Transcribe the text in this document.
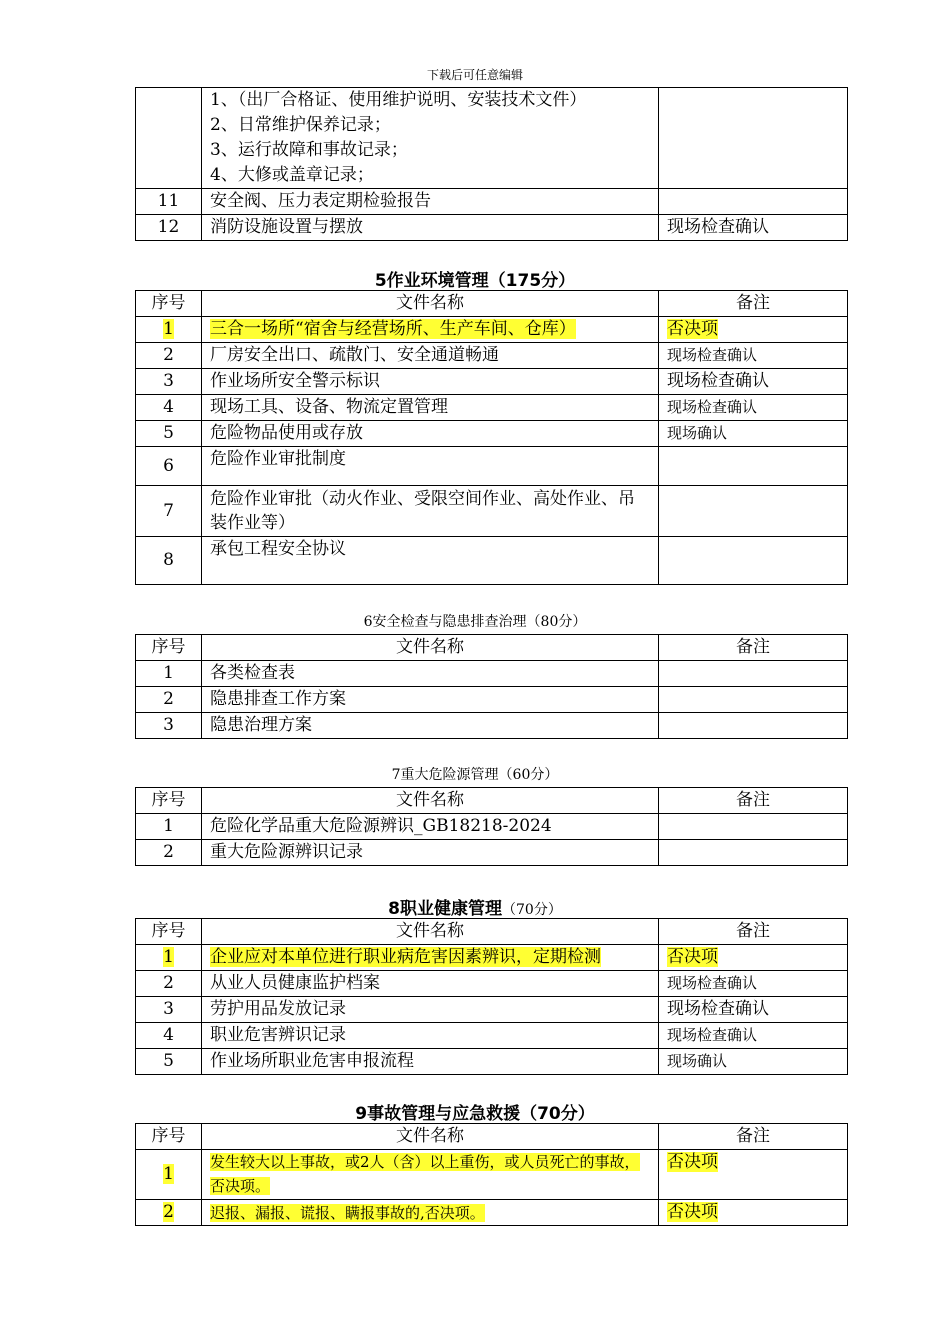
下载后可任意编辑

	1、（出厂合格证、使用维护说明、安装技术文件）
2、日常维护保养记录；
3、运行故障和事故记录；
4、大修或盖章记录；	

11	安全阀、压力表定期检验报告	
12	消防设施设置与摆放	现场检查确认
5作业环境管理（175分）
序号	文件名称	备注
1	三合一场所“宿舍与经营场所、生产车间、仓库）	否决项
2	厂房安全出口、疏散门、安全通道畅通	现场检查确认
3	作业场所安全警示标识	现场检查确认
4	现场工具、设备、物流定置管理	现场检查确认
5	危险物品使用或存放	现场确认
6	危险作业审批制度	
7	危险作业审批（动火作业、受限空间作业、高处作业、吊装作业等）	
8	承包工程安全协议	
6安全检查与隐患排查治理（80分）
序号	文件名称	备注
1	各类检查表	
2	隐患排查工作方案	
3	隐患治理方案	
7重大危险源管理（60分）
序号	文件名称	备注
1	危险化学品重大危险源辨识_GB18218-2024	
2	重大危险源辨识记录	
8职业健康管理（70分）
序号	文件名称	备注
1	企业应对本单位进行职业病危害因素辨识，定期检测	否决项
2	从业人员健康监护档案	现场检查确认
3	劳护用品发放记录	现场检查确认
4	职业危害辨识记录	现场检查确认
5	作业场所职业危害申报流程	现场确认
9事故管理与应急救援（70分）
序号	文件名称	备注
1	发生较大以上事故，或2人（含）以上重伤，或人员死亡的事故，否决项。	否决项
2	迟报、漏报、谎报、瞒报事故的,否决项。	否决项
